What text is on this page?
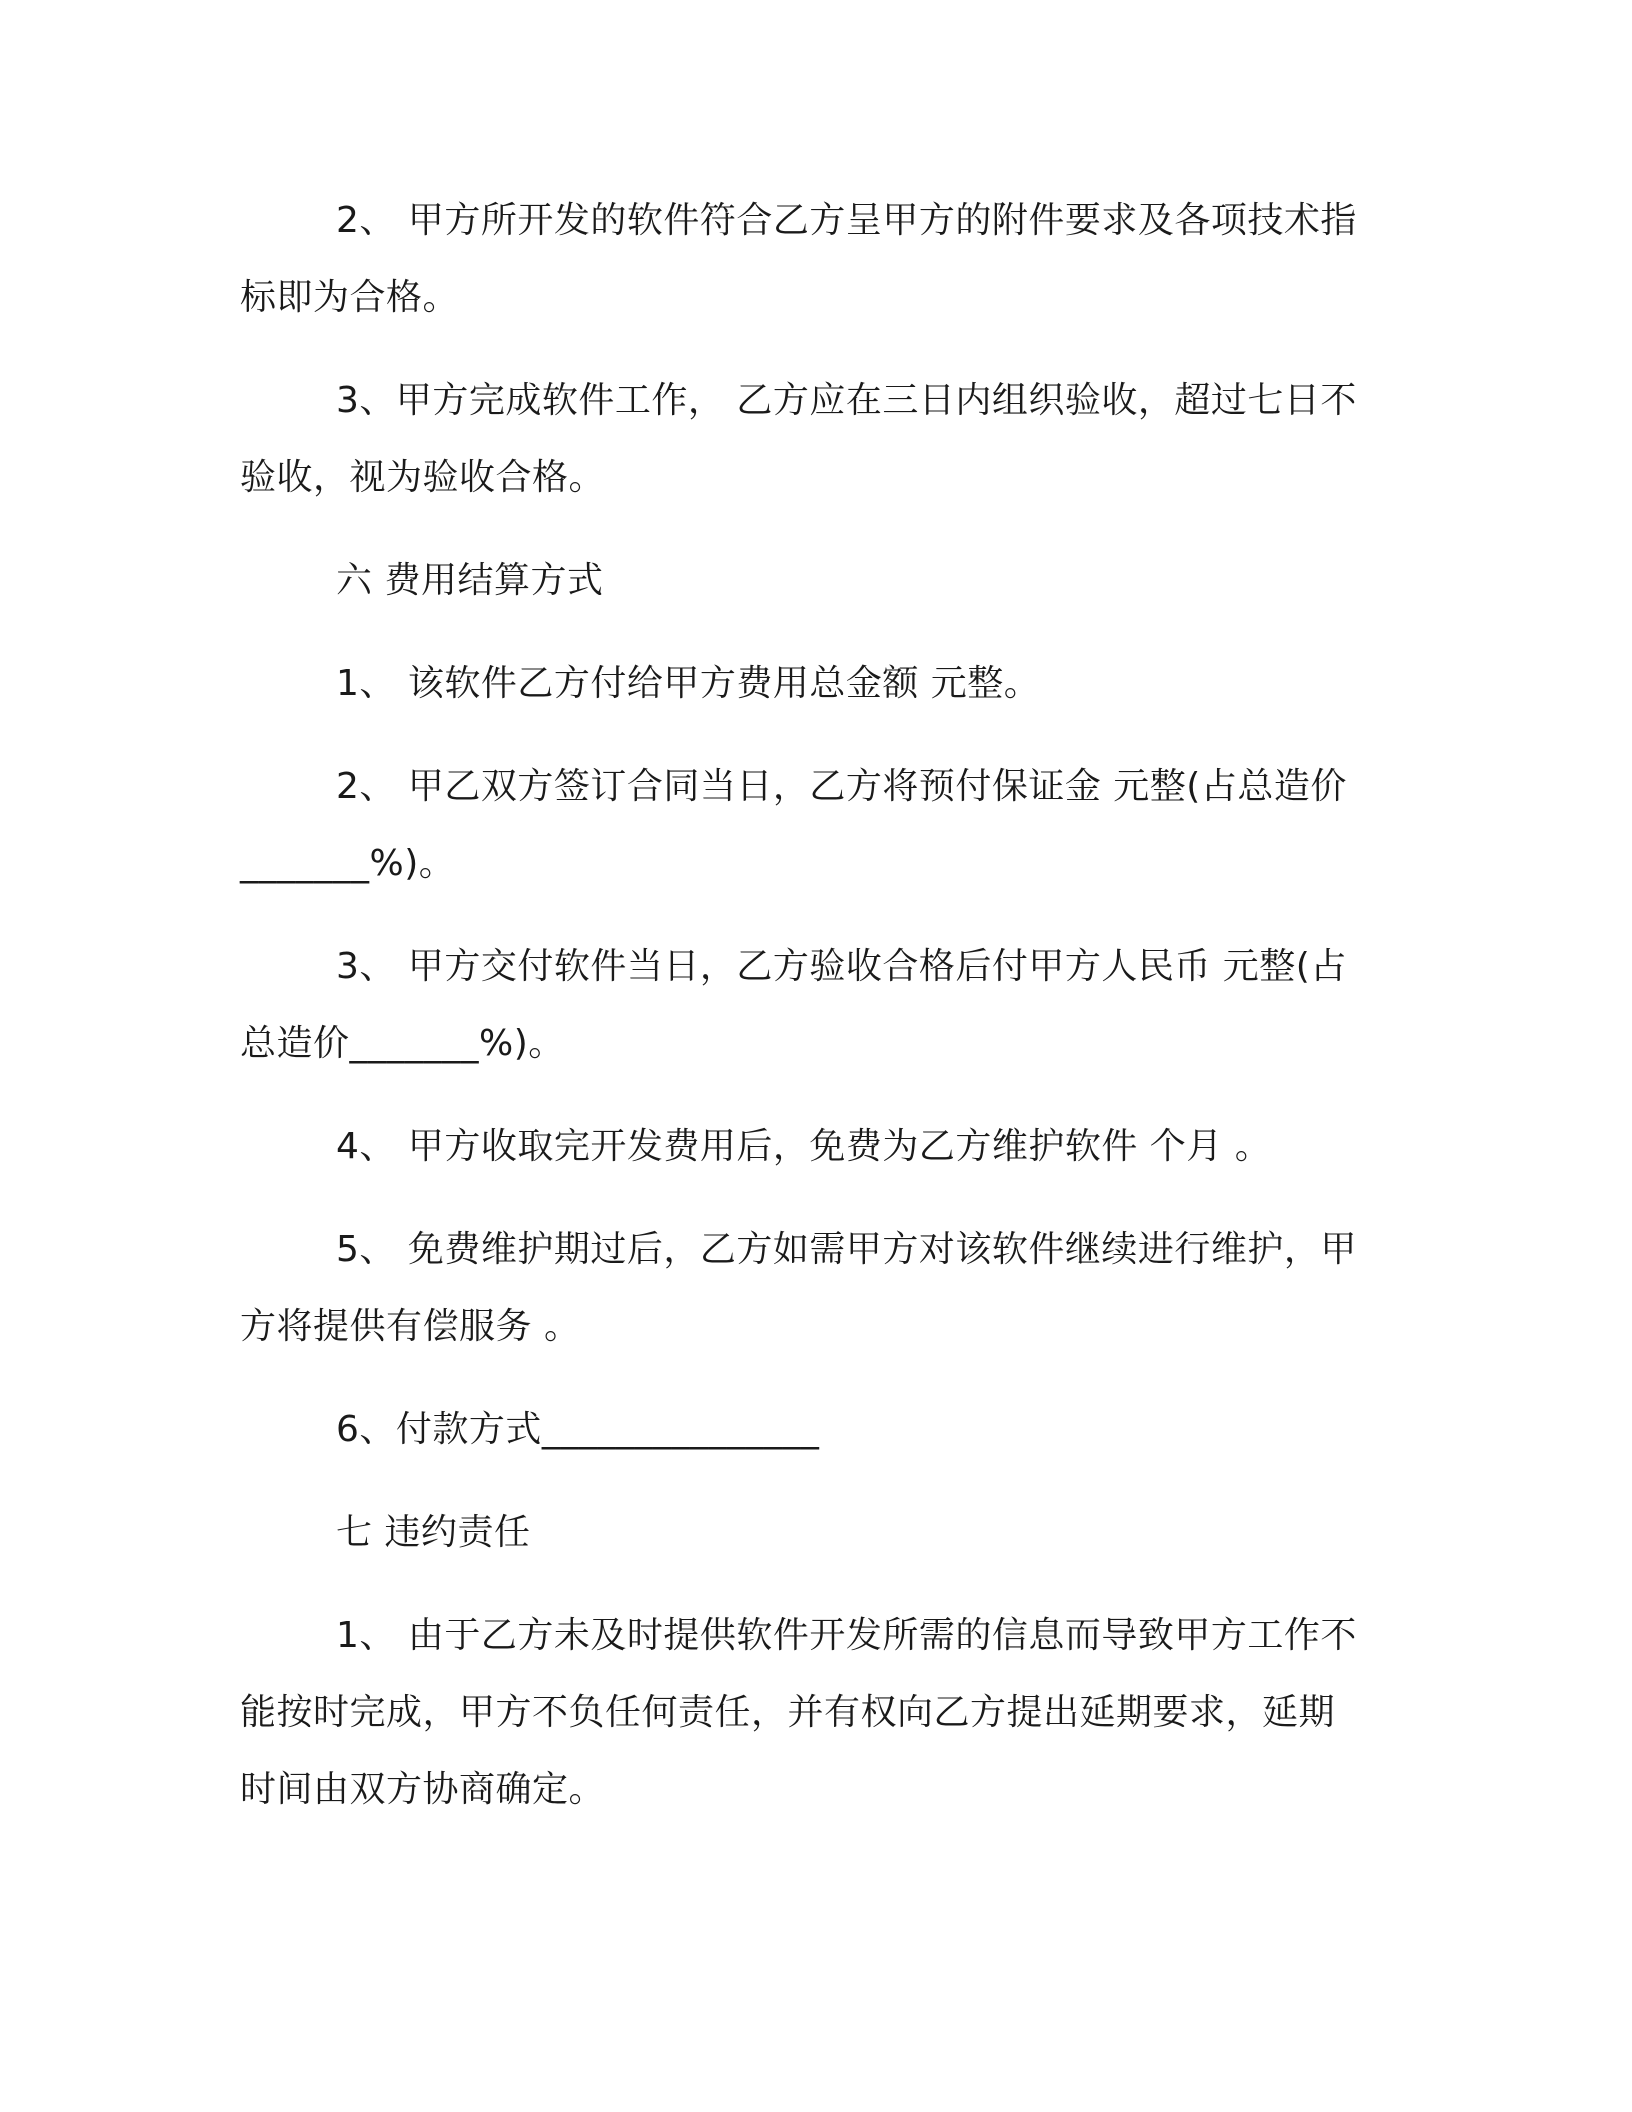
2、 甲方所开发的软件符合乙方呈甲方的附件要求及各项技术指标即为合格。

3、甲方完成软件工作， 乙方应在三日内组织验收，超过七日不验收，视为验收合格。

六 费用结算方式

1、 该软件乙方付给甲方费用总金额 元整。

2、 甲乙双方签订合同当日，乙方将预付保证金 元整(占总造价_______%)。

3、 甲方交付软件当日，乙方验收合格后付甲方人民币 元整(占总造价_______%)。

4、 甲方收取完开发费用后，免费为乙方维护软件 个月 。

5、 免费维护期过后，乙方如需甲方对该软件继续进行维护，甲方将提供有偿服务 。

6、付款方式_______________

七 违约责任

1、 由于乙方未及时提供软件开发所需的信息而导致甲方工作不能按时完成，甲方不负任何责任，并有权向乙方提出延期要求，延期时间由双方协商确定。
